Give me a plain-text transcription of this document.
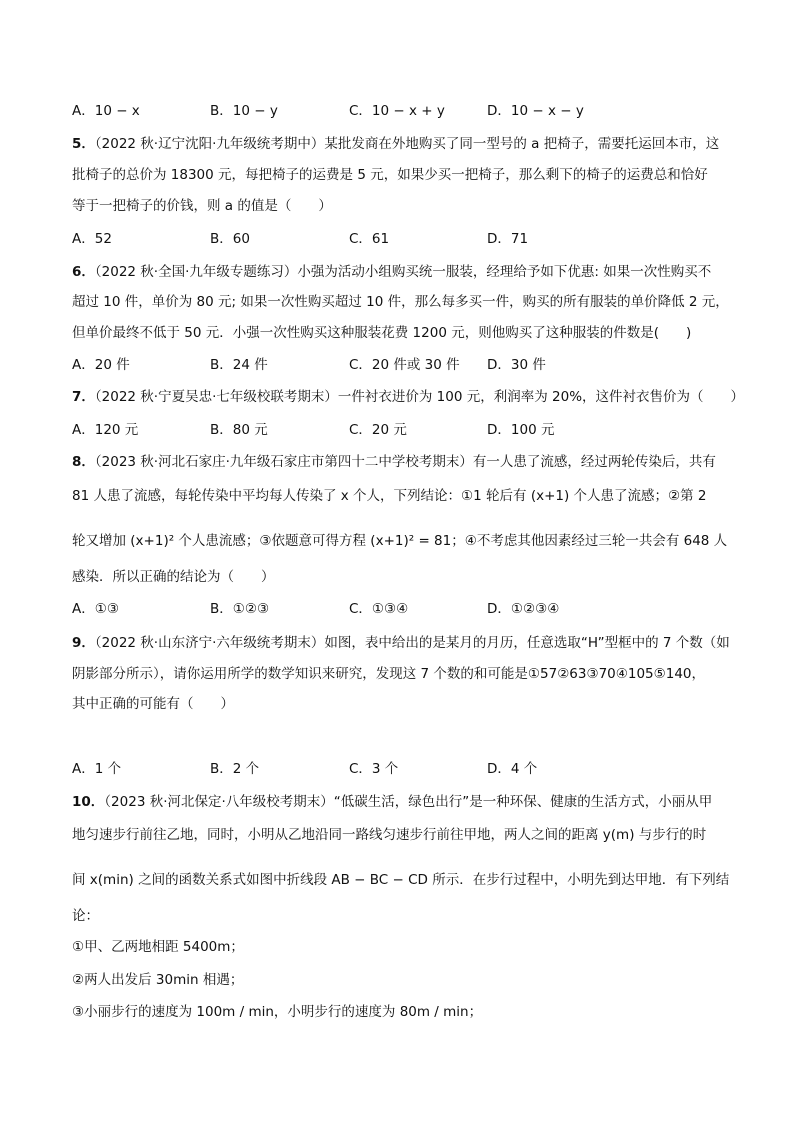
A．10 − x	B．10 − y	C．10 − x + y	D．10 − x − y
5．（2022 秋·辽宁沈阳·九年级统考期中）某批发商在外地购买了同一型号的 a 把椅子，需要托运回本市，这
批椅子的总价为 18300 元，每把椅子的运费是 5 元，如果少买一把椅子，那么剩下的椅子的运费总和恰好
等于一把椅子的价钱，则 a 的值是（　　）
A．52	B．60	C．61	D．71
6．（2022 秋·全国·九年级专题练习）小强为活动小组购买统一服装，经理给予如下优惠: 如果一次性购买不
超过 10 件，单价为 80 元; 如果一次性购买超过 10 件，那么每多买一件，购买的所有服装的单价降低 2 元，
但单价最终不低于 50 元．小强一次性购买这种服装花费 1200 元，则他购买了这种服装的件数是(　　)
A．20 件	B．24 件	C．20 件或 30 件 D．30 件
7．（2022 秋·宁夏吴忠·七年级校联考期末）一件衬衣进价为 100 元，利润率为 20%，这件衬衣售价为（　　）
A．120 元	B．80 元	C．20 元	D．100 元
8．（2023 秋·河北石家庄·九年级石家庄市第四十二中学校考期末）有一人患了流感，经过两轮传染后，共有
81 人患了流感，每轮传染中平均每人传染了 x 个人，下列结论：①1 轮后有 (x+1) 个人患了流感；②第 2
轮又增加 (x+1)² 个人患流感；③依题意可得方程 (x+1)² = 81；④不考虑其他因素经过三轮一共会有 648 人
感染．所以正确的结论为（　　）
A．①③	B．①②③	C．①③④	D．①②③④
9．（2022 秋·山东济宁·六年级统考期末）如图，表中给出的是某月的月历，任意选取“H”型框中的 7 个数（如
阴影部分所示），请你运用所学的数学知识来研究，发现这 7 个数的和可能是①57②63③70④105⑤140，
其中正确的可能有（　　）
A．1 个	B．2 个	C．3 个	D．4 个
10．（2023 秋·河北保定·八年级校考期末）“低碳生活，绿色出行”是一种环保、健康的生活方式，小丽从甲
地匀速步行前往乙地，同时，小明从乙地沿同一路线匀速步行前往甲地，两人之间的距离 y(m) 与步行的时
间 x(min) 之间的函数关系式如图中折线段 AB − BC − CD 所示．在步行过程中，小明先到达甲地．有下列结
论：
①甲、乙两地相距 5400m；
②两人出发后 30min 相遇；
③小丽步行的速度为 100m / min，小明步行的速度为 80m / min；
